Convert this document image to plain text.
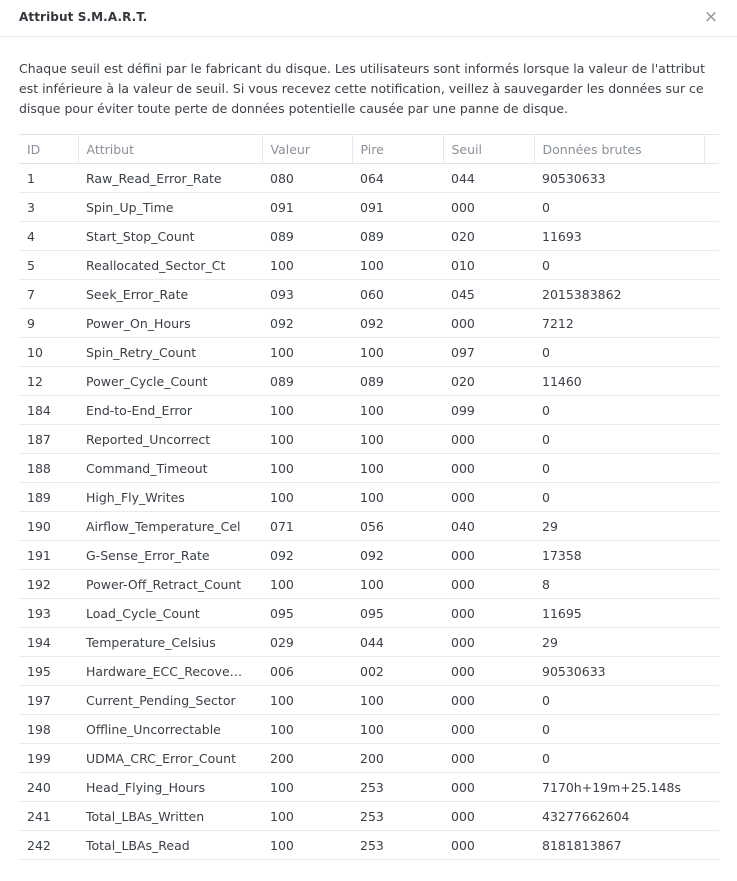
Attribut S.M.A.R.T.	×

Chaque seuil est défini par le fabricant du disque. Les utilisateurs sont informés lorsque la valeur de l'attribut est inférieure à la valeur de seuil. Si vous recevez cette notification, veillez à sauvegarder les données sur ce disque pour éviter toute perte de données potentielle causée par une panne de disque.

ID	Attribut	Valeur	Pire	Seuil	Données brutes	
1	Raw_Read_Error_Rate	080	064	044	90530633	
3	Spin_Up_Time	091	091	000	0	
4	Start_Stop_Count	089	089	020	11693	
5	Reallocated_Sector_Ct	100	100	010	0	
7	Seek_Error_Rate	093	060	045	2015383862	
9	Power_On_Hours	092	092	000	7212	
10	Spin_Retry_Count	100	100	097	0	
12	Power_Cycle_Count	089	089	020	11460	
184	End-to-End_Error	100	100	099	0	
187	Reported_Uncorrect	100	100	000	0	
188	Command_Timeout	100	100	000	0	
189	High_Fly_Writes	100	100	000	0	
190	Airflow_Temperature_Cel	071	056	040	29	
191	G-Sense_Error_Rate	092	092	000	17358	
192	Power-Off_Retract_Count	100	100	000	8	
193	Load_Cycle_Count	095	095	000	11695	
194	Temperature_Celsius	029	044	000	29	
195	Hardware_ECC_Recove…	006	002	000	90530633	
197	Current_Pending_Sector	100	100	000	0	
198	Offline_Uncorrectable	100	100	000	0	
199	UDMA_CRC_Error_Count	200	200	000	0	
240	Head_Flying_Hours	100	253	000	7170h+19m+25.148s	
241	Total_LBAs_Written	100	253	000	43277662604	
242	Total_LBAs_Read	100	253	000	8181813867	
